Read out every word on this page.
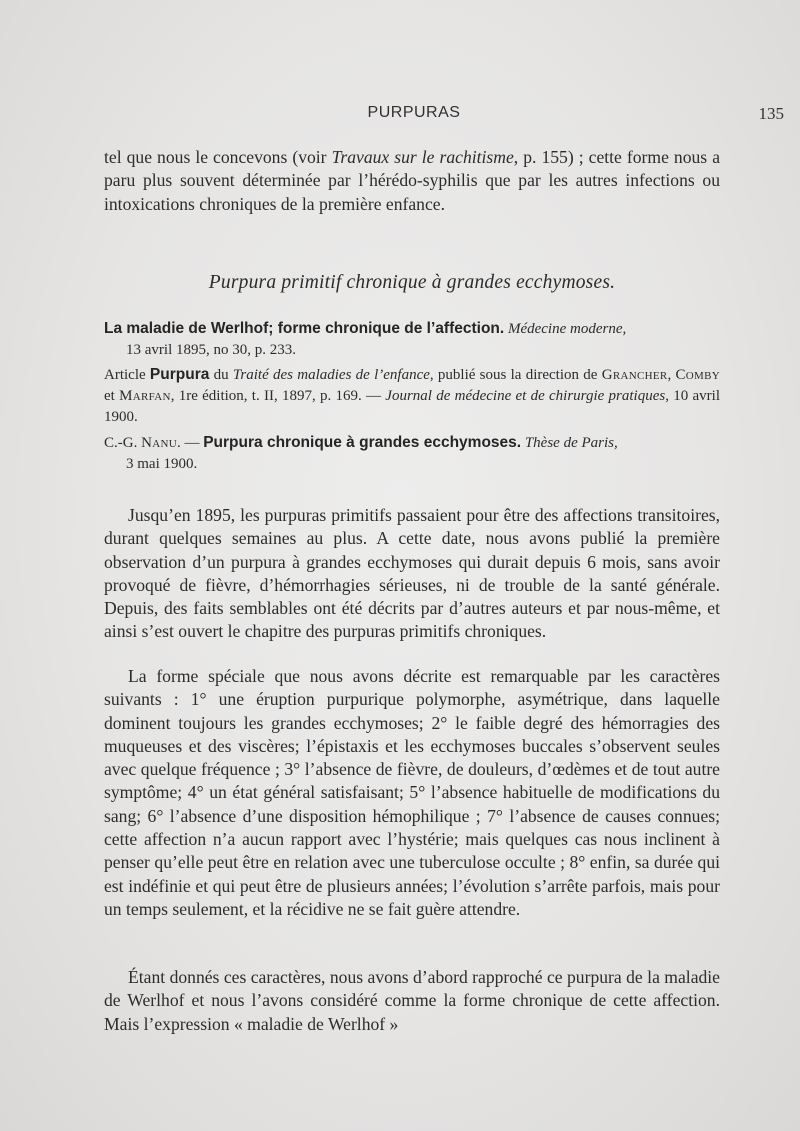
PURPURAS	135
tel que nous le concevons (voir Travaux sur le rachitisme, p. 155) ; cette forme nous a paru plus souvent déterminée par l’hérédo-syphilis que par les autres infections ou intoxications chroniques de la première enfance.
Purpura primitif chronique à grandes ecchymoses.
La maladie de Werlhof; forme chronique de l’affection. Médecine moderne,
13 avril 1895, no 30, p. 233.
Article Purpura du Traité des maladies de l’enfance, publié sous la direction de Grancher, Comby et Marfan, 1re édition, t. II, 1897, p. 169. — Journal de médecine et de chirurgie pratiques, 10 avril 1900.
C.-G. Nanu. — Purpura chronique à grandes ecchymoses. Thèse de Paris,
3 mai 1900.
Jusqu’en 1895, les purpuras primitifs passaient pour être des affections transitoires, durant quelques semaines au plus. A cette date, nous avons publié la première observation d’un purpura à grandes ecchymoses qui durait depuis 6 mois, sans avoir provoqué de fièvre, d’hémorrhagies sérieuses, ni de trouble de la santé générale. Depuis, des faits semblables ont été décrits par d’autres auteurs et par nous-même, et ainsi s’est ouvert le chapitre des purpuras primitifs chroniques.
La forme spéciale que nous avons décrite est remarquable par les caractères suivants : 1° une éruption purpurique polymorphe, asymétrique, dans laquelle dominent toujours les grandes ecchymoses; 2° le faible degré des hémorragies des muqueuses et des viscères; l’épistaxis et les ecchymoses buccales s’observent seules avec quelque fréquence ; 3° l’absence de fièvre, de douleurs, d’œdèmes et de tout autre symptôme; 4° un état général satisfaisant; 5° l’absence habituelle de modifications du sang; 6° l’absence d’une disposition hémophilique ; 7° l’absence de causes connues; cette affection n’a aucun rapport avec l’hystérie; mais quelques cas nous inclinent à penser qu’elle peut être en relation avec une tuberculose occulte ; 8° enfin, sa durée qui est indéfinie et qui peut être de plusieurs années; l’évolution s’arrête parfois, mais pour un temps seulement, et la récidive ne se fait guère attendre.
Étant donnés ces caractères, nous avons d’abord rapproché ce purpura de la maladie de Werlhof et nous l’avons considéré comme la forme chronique de cette affection. Mais l’expression « maladie de Werlhof »
